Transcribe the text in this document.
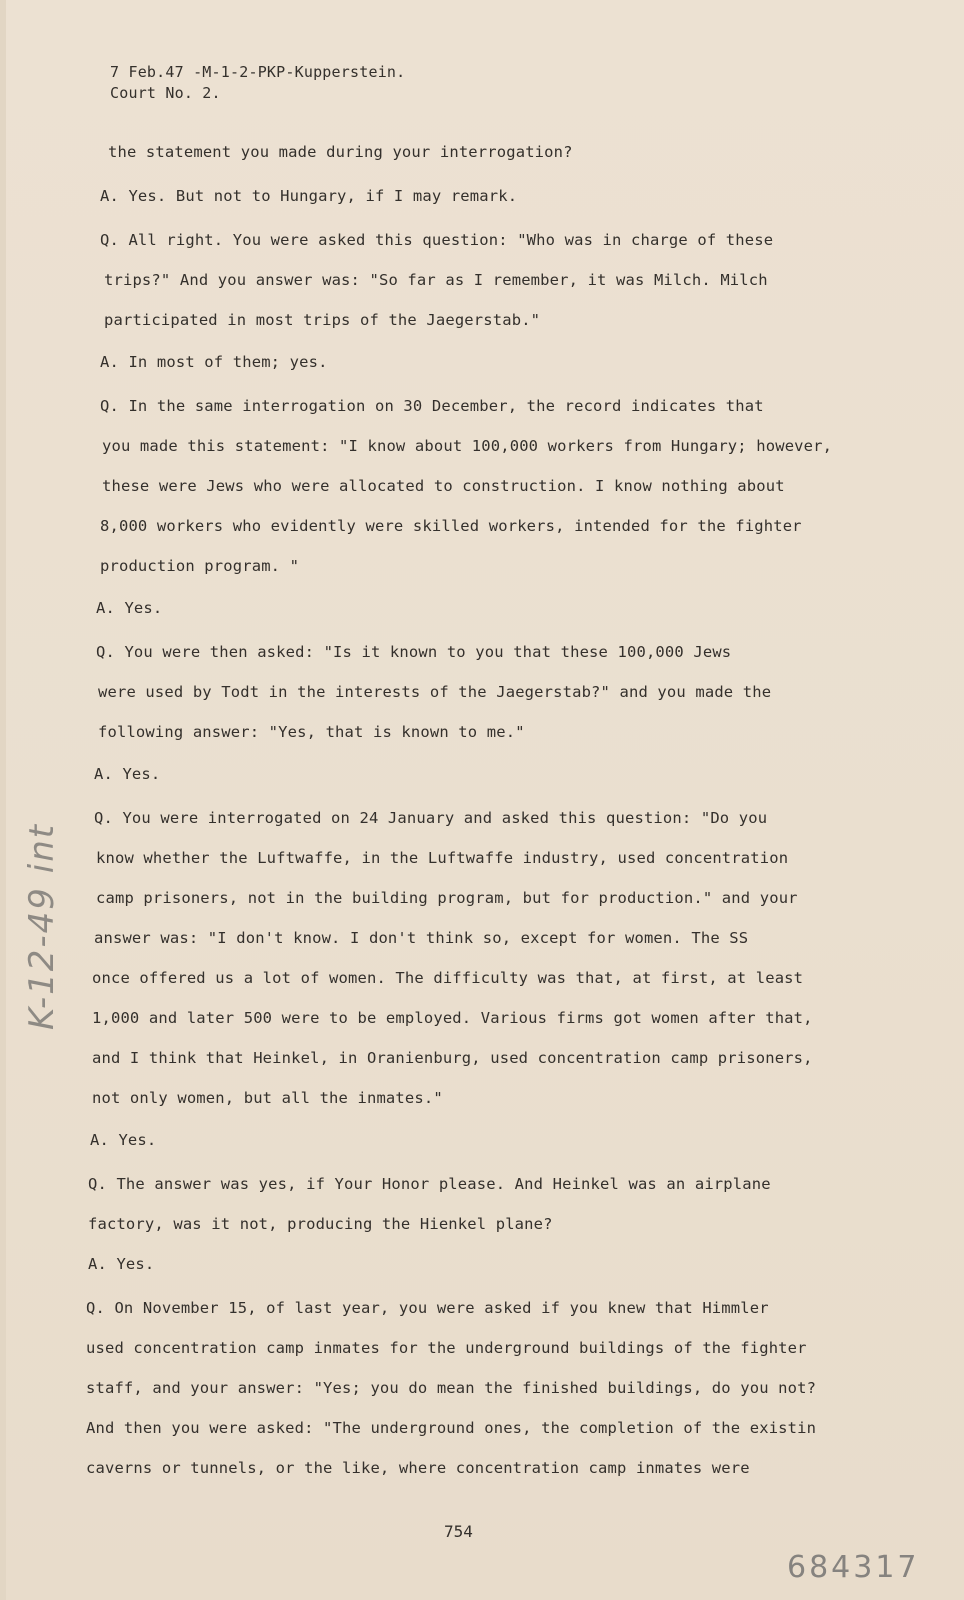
7 Feb.47 -M-1-2-PKP-Kupperstein.
Court No. 2.
the statement you made during your interrogation?
A. Yes. But not to Hungary, if I may remark.
Q. All right. You were asked this question: "Who was in charge of these
trips?" And you answer was: "So far as I remember, it was Milch. Milch
participated in most trips of the Jaegerstab."
A. In most of them; yes.
Q. In the same interrogation on 30 December, the record indicates that
you made this statement: "I know about 100,000 workers from Hungary; however,
these were Jews who were allocated to construction. I know nothing about
8,000 workers who evidently were skilled workers, intended for the fighter
production program. "
A. Yes.
Q. You were then asked: "Is it known to you that these 100,000 Jews
were used by Todt in the interests of the Jaegerstab?" and you made the
following answer: "Yes, that is known to me."
A. Yes.
Q. You were interrogated on 24 January and asked this question: "Do you
know whether the Luftwaffe, in the Luftwaffe industry, used concentration
camp prisoners, not in the building program, but for production." and your
answer was: "I don't know. I don't think so, except for women. The SS
once offered us a lot of women. The difficulty was that, at first, at least
1,000 and later 500 were to be employed. Various firms got women after that,
and I think that Heinkel, in Oranienburg, used concentration camp prisoners,
not only women, but all the inmates."
A. Yes.
Q. The answer was yes, if Your Honor please. And Heinkel was an airplane
factory, was it not, producing the Hienkel plane?
A. Yes.
Q. On November 15, of last year, you were asked if you knew that Himmler
used concentration camp inmates for the underground buildings of the fighter
staff, and your answer: "Yes; you do mean the finished buildings, do you not?
And then you were asked: "The underground ones, the completion of the existin
caverns or tunnels, or the like, where concentration camp inmates were
K-12-49 int
754
684317
